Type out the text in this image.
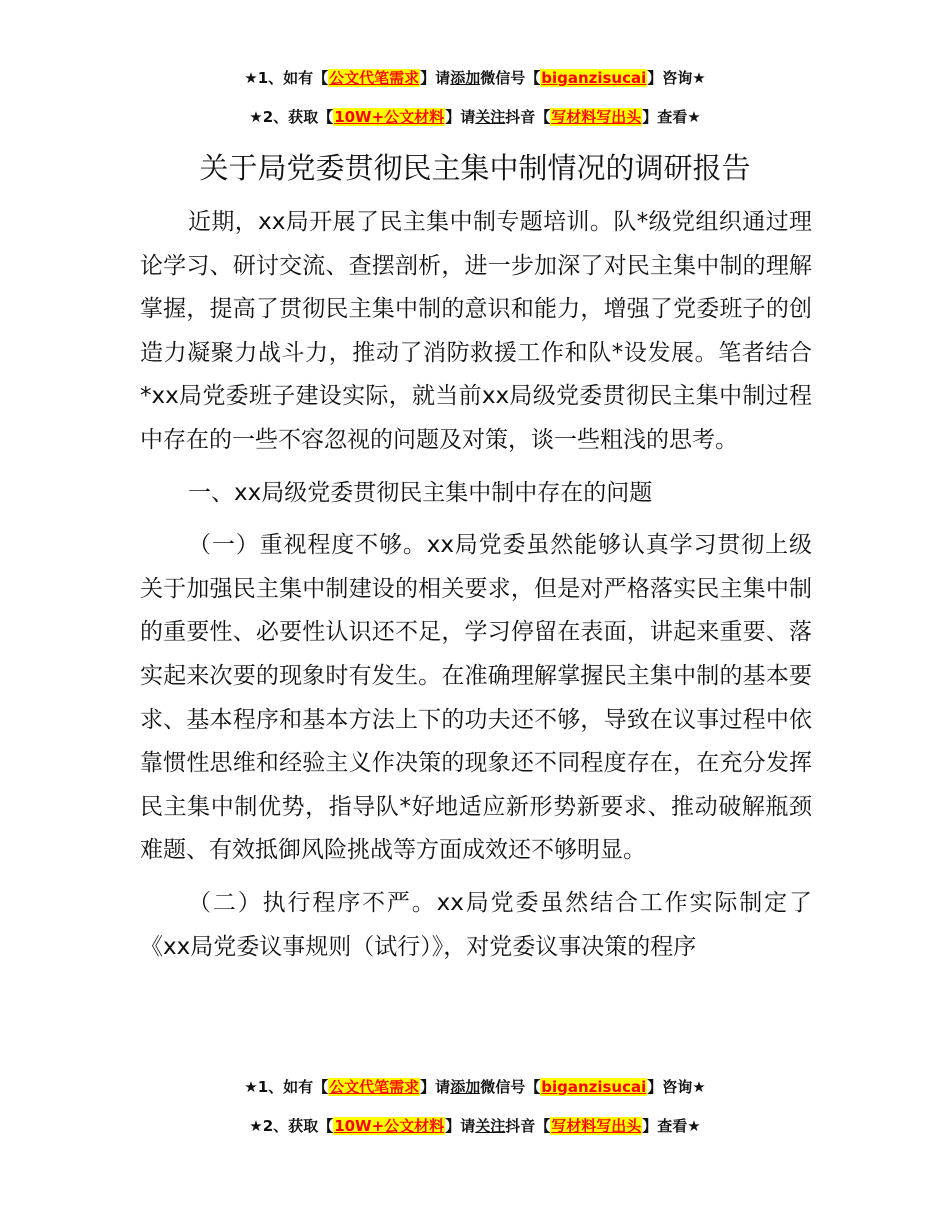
★1、如有【公文代笔需求】请添加微信号【biganzisucai】咨询★
★2、获取【10W+公文材料】请关注抖音【写材料写出头】查看★
关于局党委贯彻民主集中制情况的调研报告

近期，xx局开展了民主集中制专题培训。队*级党组织通过理论学习、研讨交流、查摆剖析，进一步加深了对民主集中制的理解掌握，提高了贯彻民主集中制的意识和能力，增强了党委班子的创造力凝聚力战斗力，推动了消防救援工作和队*设发展。笔者结合*xx局党委班子建设实际，就当前xx局级党委贯彻民主集中制过程中存在的一些不容忽视的问题及对策，谈一些粗浅的思考。

一、xx局级党委贯彻民主集中制中存在的问题

（一）重视程度不够。xx局党委虽然能够认真学习贯彻上级关于加强民主集中制建设的相关要求，但是对严格落实民主集中制的重要性、必要性认识还不足，学习停留在表面，讲起来重要、落实起来次要的现象时有发生。在准确理解掌握民主集中制的基本要求、基本程序和基本方法上下的功夫还不够，导致在议事过程中依靠惯性思维和经验主义作决策的现象还不同程度存在，在充分发挥民主集中制优势，指导队*好地适应新形势新要求、推动破解瓶颈难题、有效抵御风险挑战等方面成效还不够明显。

（二）执行程序不严。xx局党委虽然结合工作实际制定了《xx局党委议事规则（试行）》，对党委议事决策的程序

★1、如有【公文代笔需求】请添加微信号【biganzisucai】咨询★
★2、获取【10W+公文材料】请关注抖音【写材料写出头】查看★
